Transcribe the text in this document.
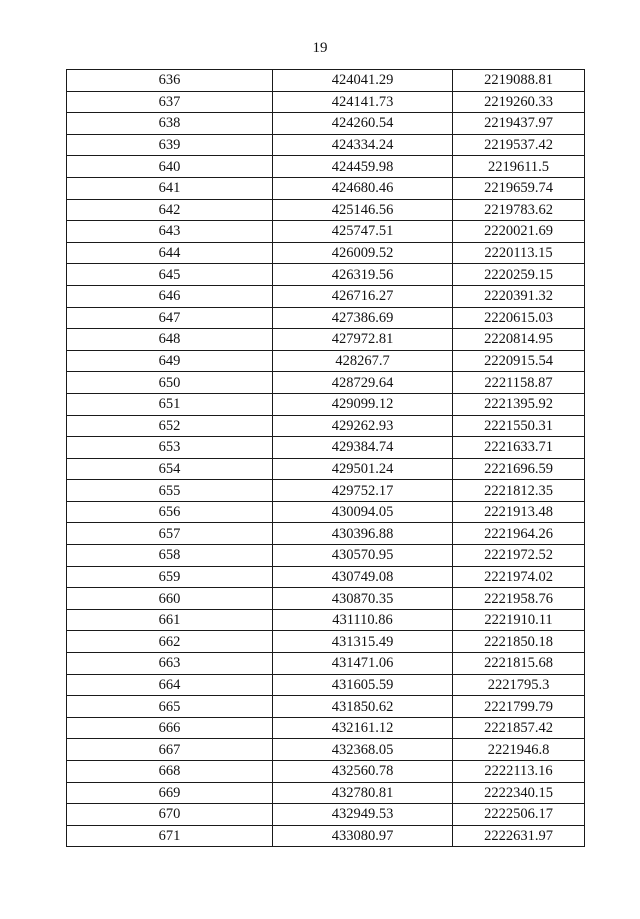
19
636	424041.29	2219088.81
637	424141.73	2219260.33
638	424260.54	2219437.97
639	424334.24	2219537.42
640	424459.98	2219611.5
641	424680.46	2219659.74
642	425146.56	2219783.62
643	425747.51	2220021.69
644	426009.52	2220113.15
645	426319.56	2220259.15
646	426716.27	2220391.32
647	427386.69	2220615.03
648	427972.81	2220814.95
649	428267.7	2220915.54
650	428729.64	2221158.87
651	429099.12	2221395.92
652	429262.93	2221550.31
653	429384.74	2221633.71
654	429501.24	2221696.59
655	429752.17	2221812.35
656	430094.05	2221913.48
657	430396.88	2221964.26
658	430570.95	2221972.52
659	430749.08	2221974.02
660	430870.35	2221958.76
661	431110.86	2221910.11
662	431315.49	2221850.18
663	431471.06	2221815.68
664	431605.59	2221795.3
665	431850.62	2221799.79
666	432161.12	2221857.42
667	432368.05	2221946.8
668	432560.78	2222113.16
669	432780.81	2222340.15
670	432949.53	2222506.17
671	433080.97	2222631.97
